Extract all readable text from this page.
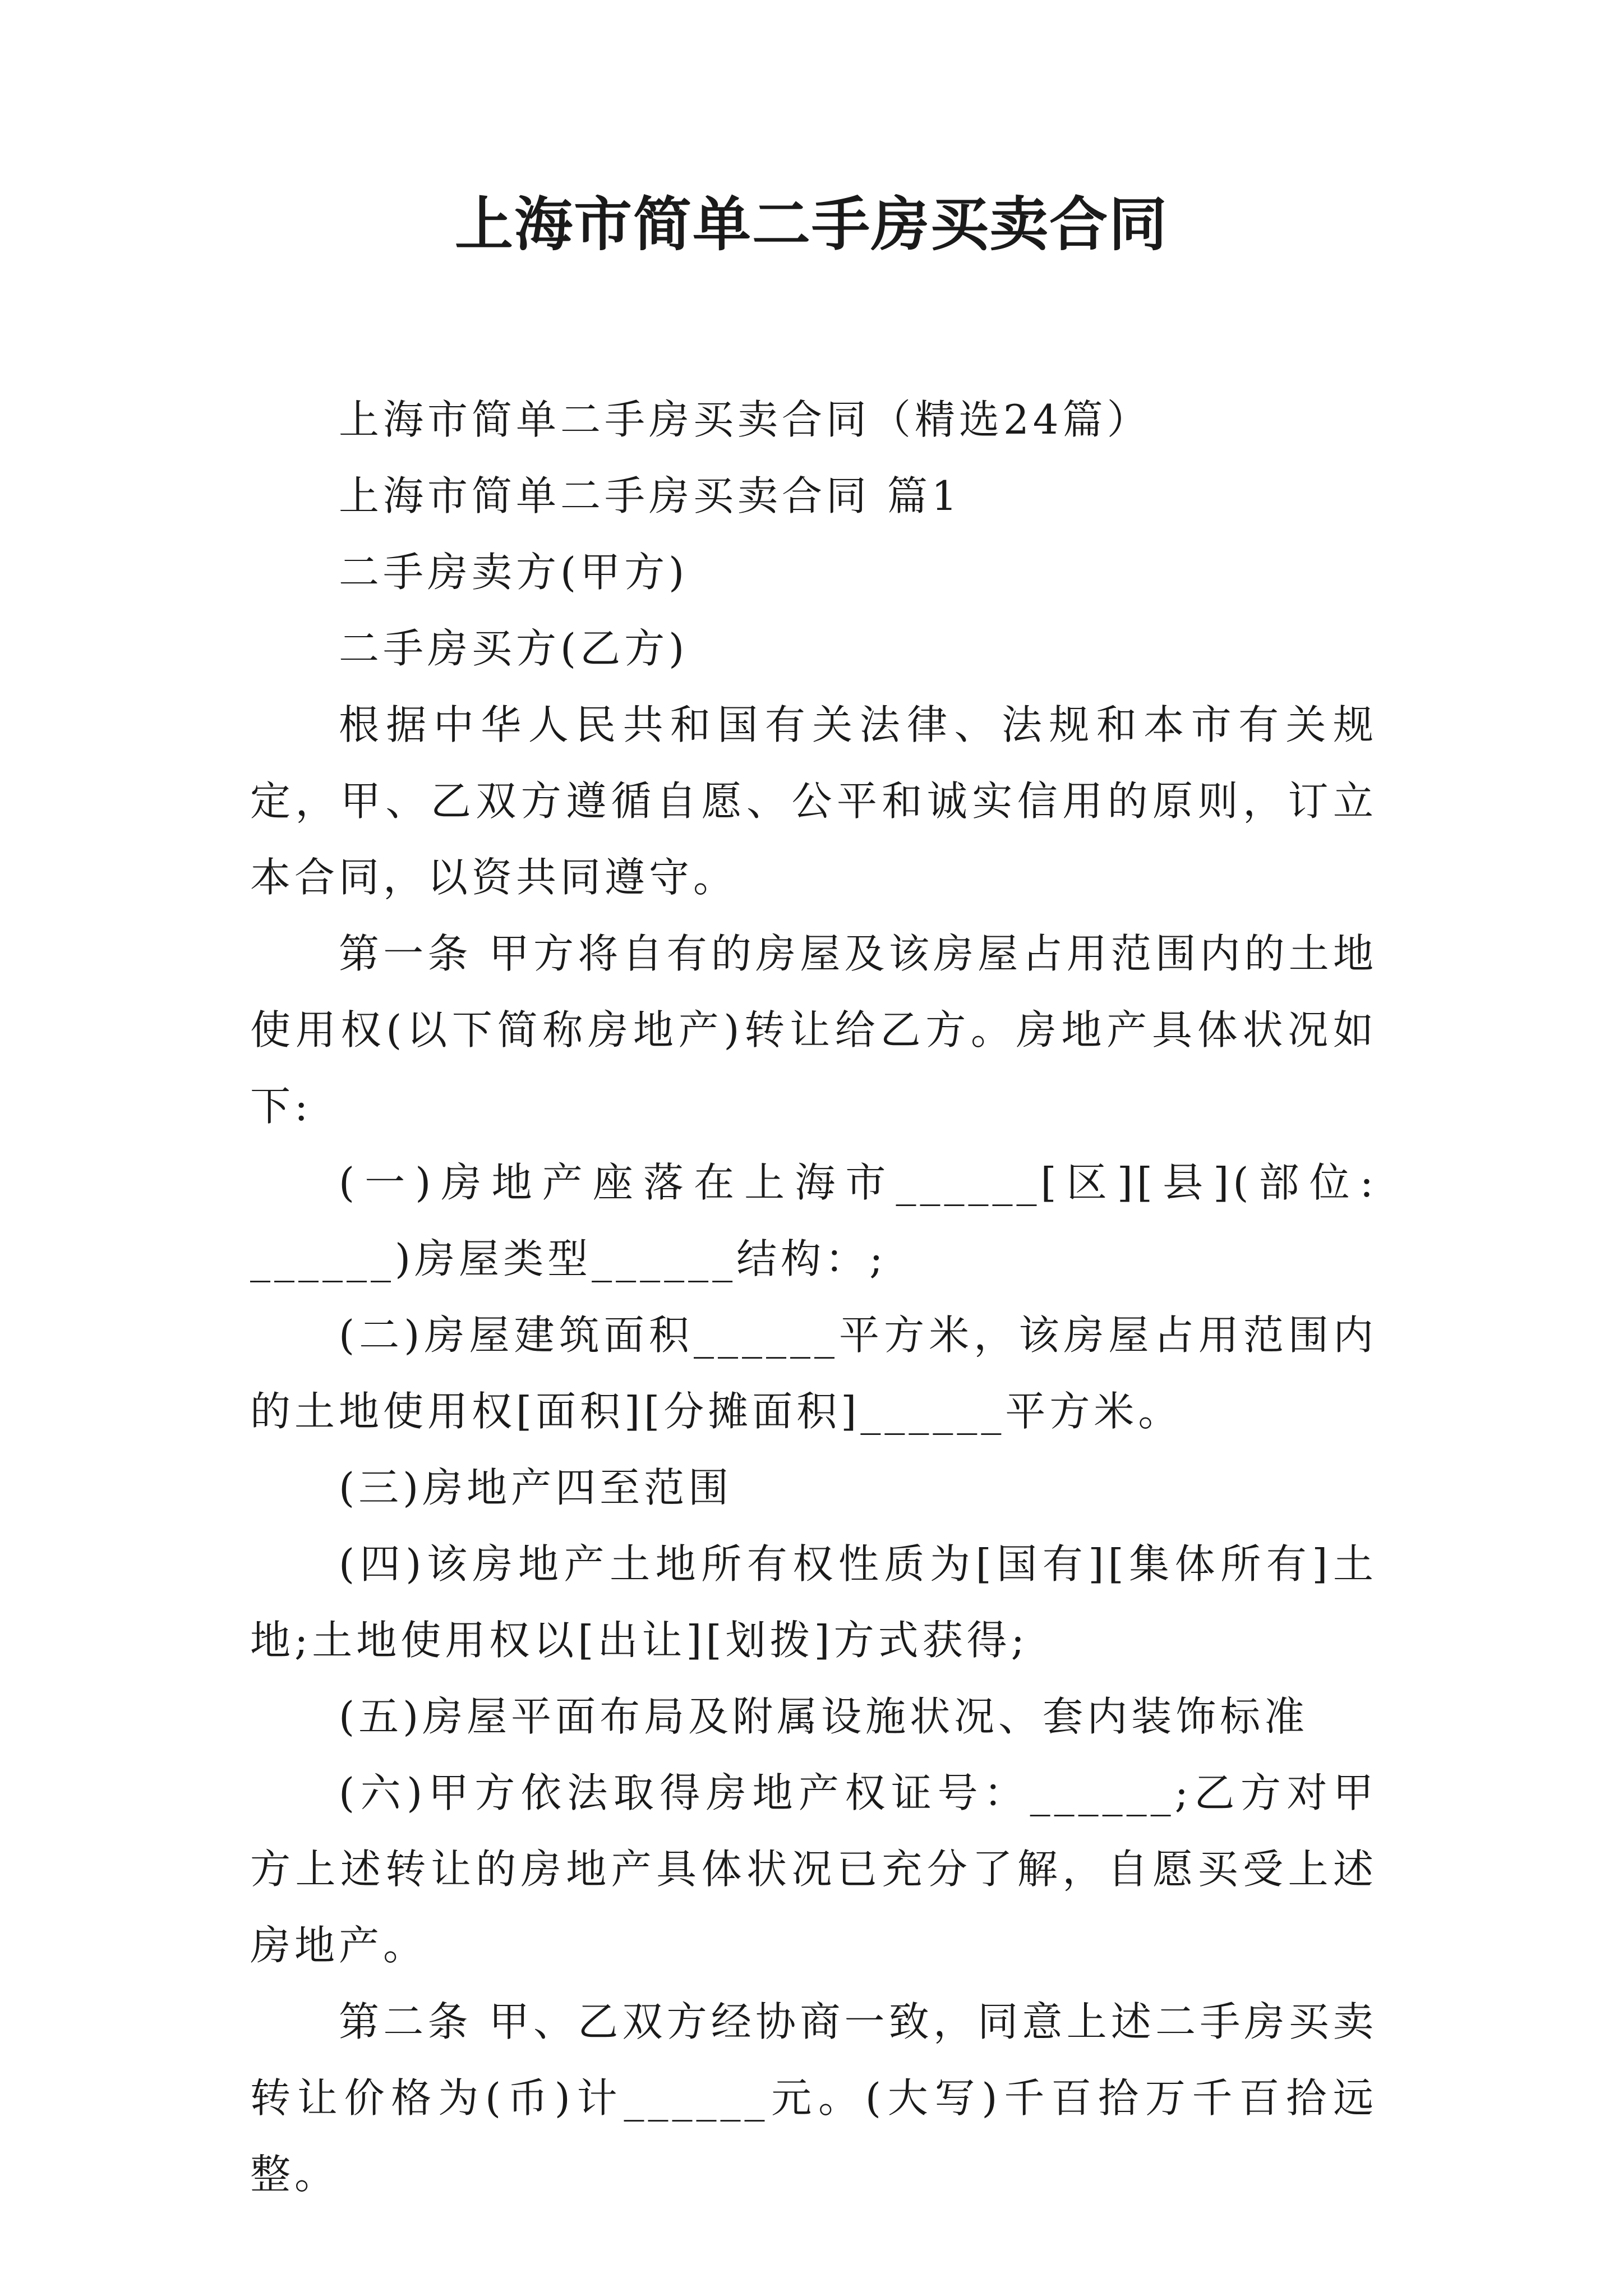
上海市简单二手房买卖合同

上海市简单二手房买卖合同（精选24篇）

上海市简单二手房买卖合同 篇1

二手房卖方(甲方)

二手房买方(乙方)

根据中华人民共和国有关法律、法规和本市有关规定，甲、乙双方遵循自愿、公平和诚实信用的原则，订立本合同，以资共同遵守。

第一条 甲方将自有的房屋及该房屋占用范围内的土地使用权(以下简称房地产)转让给乙方。房地产具体状况如下:

(一)房地产座落在上海市______[区][县](部位: ______)房屋类型______结构：;

(二)房屋建筑面积______平方米，该房屋占用范围内的土地使用权[面积][分摊面积]______平方米。

(三)房地产四至范围

(四)该房地产土地所有权性质为[国有][集体所有]土地;土地使用权以[出让][划拨]方式获得;

(五)房屋平面布局及附属设施状况、套内装饰标准

(六)甲方依法取得房地产权证号：______;乙方对甲方上述转让的房地产具体状况已充分了解，自愿买受上述房地产。

第二条 甲、乙双方经协商一致，同意上述二手房买卖转让价格为(币)计______元。(大写)千百拾万千百拾远整。
